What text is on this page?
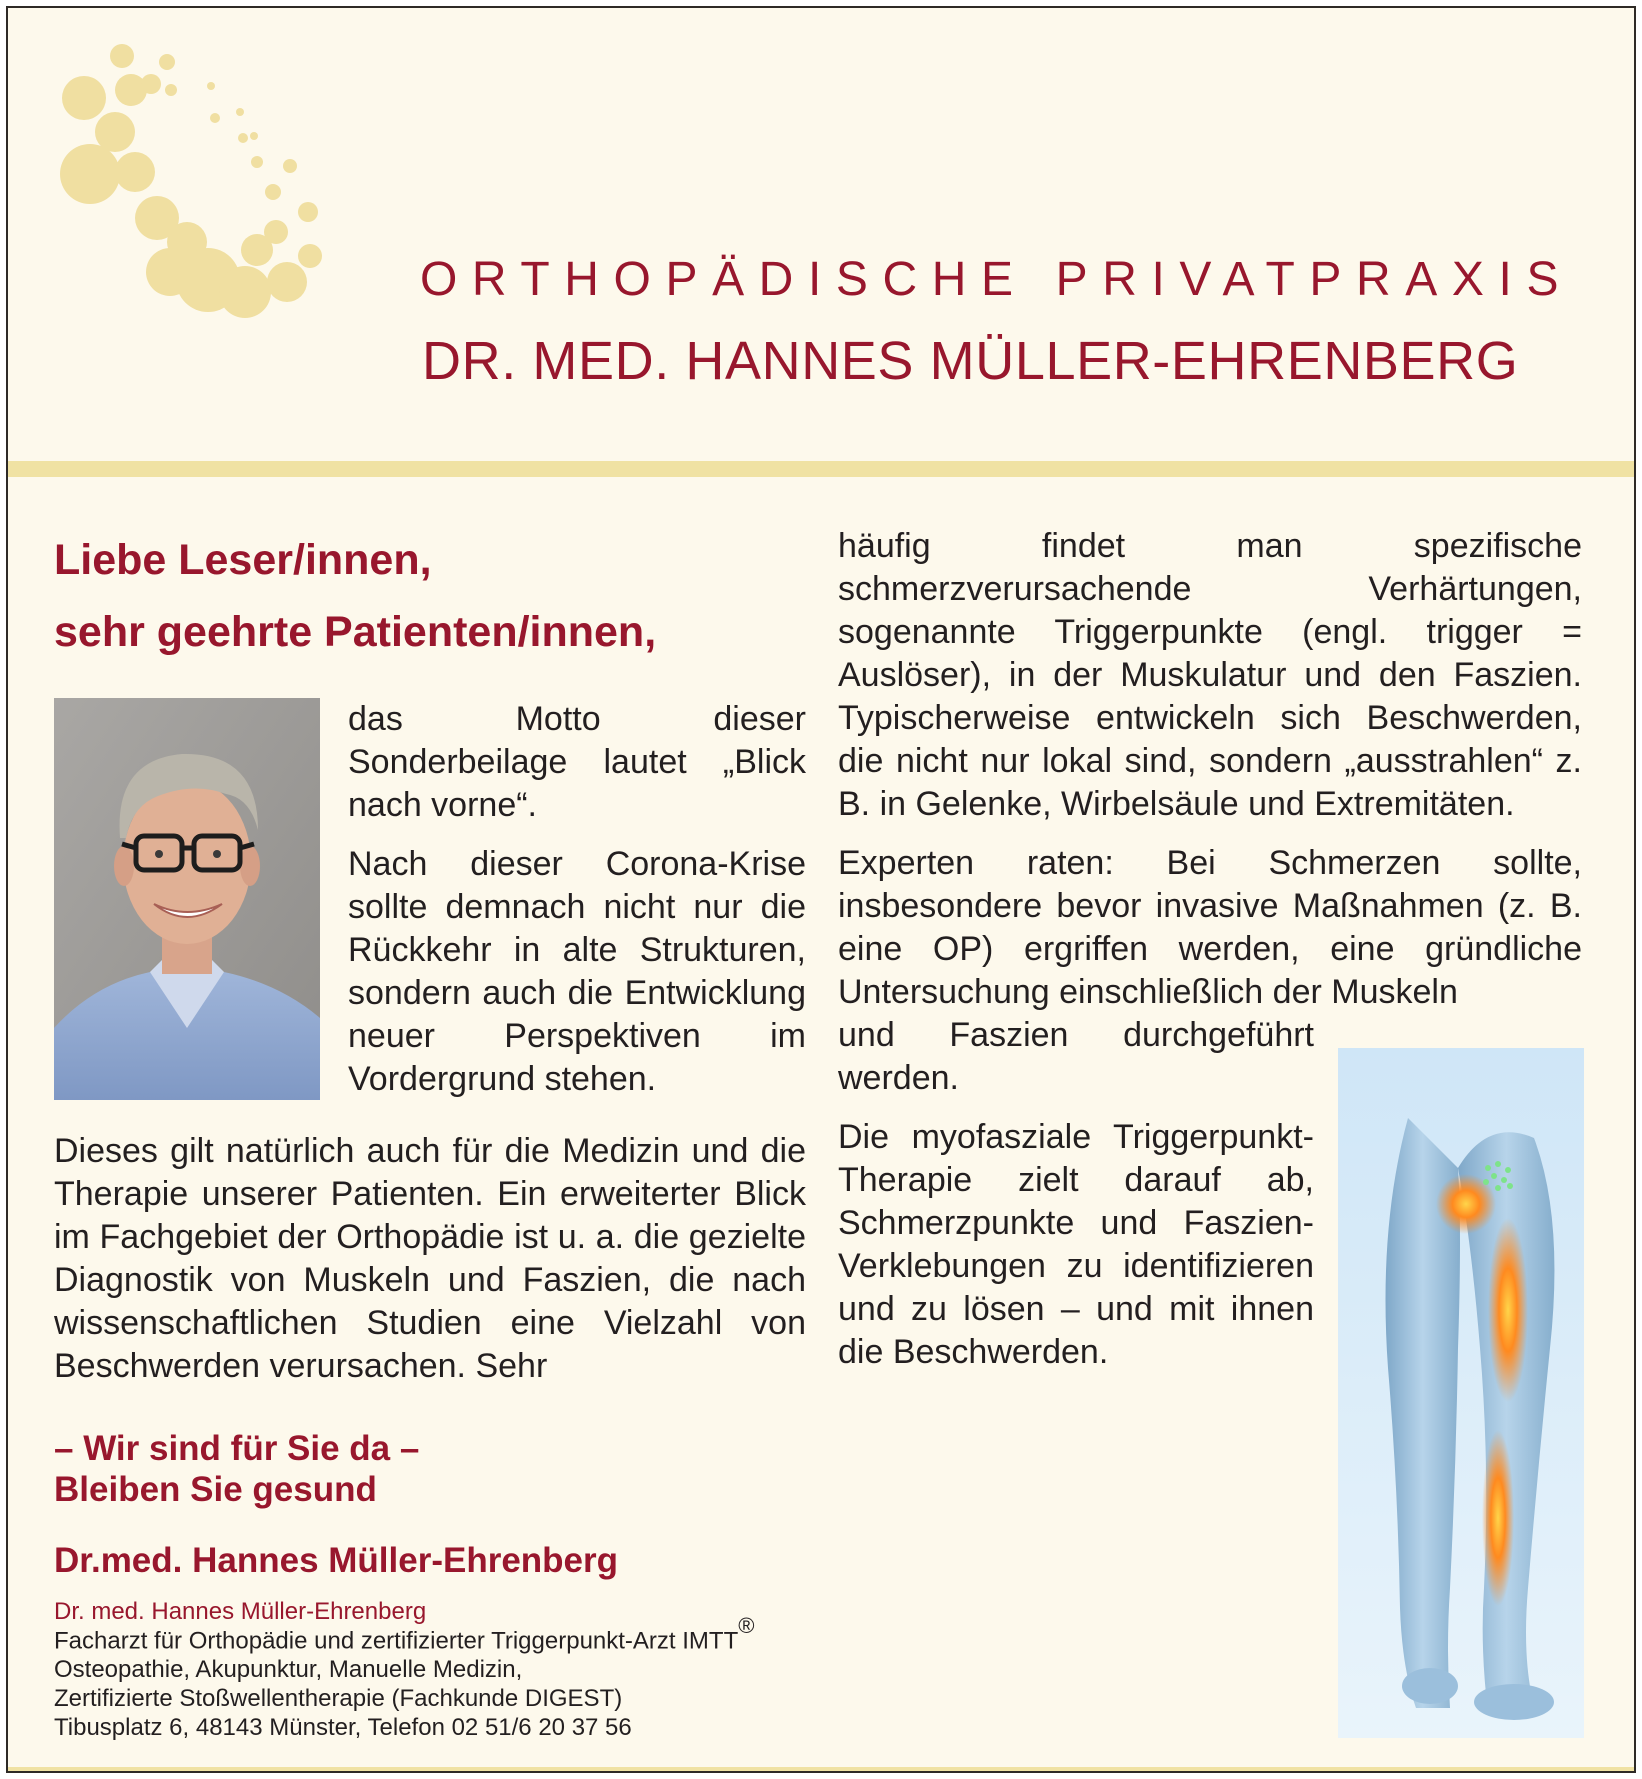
ORTHOPÄDISCHE PRIVATPRAXIS
DR. MED. HANNES MÜLLER-EHRENBERG
Liebe Leser/innen,
sehr geehrte Patienten/innen,

das Motto dieser Sonderbeilage lautet „Blick nach vorne“.

Nach dieser Corona-Krise sollte demnach nicht nur die Rückkehr in alte Strukturen, sondern auch die Entwicklung neuer Perspektiven im Vordergrund stehen.

Dieses gilt natürlich auch für die Medizin und die Therapie unserer Patienten. Ein erweiterter Blick im Fachgebiet der Orthopädie ist u. a. die gezielte Diagnostik von Muskeln und Faszien, die nach wissenschaftlichen Studien eine Vielzahl von Beschwerden verursachen. Sehr

häufig findet man spezifische schmerzverursachende Verhärtungen, sogenannte Triggerpunkte (engl. trigger = Auslöser), in der Muskulatur und den Faszien. Typischerweise entwickeln sich Beschwerden, die nicht nur lokal sind, sondern „ausstrahlen“ z. B. in Gelenke, Wirbelsäule und Extremitäten.

Experten raten: Bei Schmerzen sollte, insbesondere bevor invasive Maßnahmen (z. B. eine OP) ergriffen werden, eine gründliche Untersuchung einschließlich der Muskeln

und Faszien durchgeführt werden.

Die myofasziale Triggerpunkt-Therapie zielt darauf ab, Schmerzpunkte und Faszien-Verklebungen zu identifizieren und zu lösen – und mit ihnen die Beschwerden.

– Wir sind für Sie da –
Bleiben Sie gesund
Dr.med. Hannes Müller-Ehrenberg
Dr. med. Hannes Müller-Ehrenberg
Facharzt für Orthopädie und zertifizierter Triggerpunkt-Arzt IMTT®
Osteopathie, Akupunktur, Manuelle Medizin,
Zertifizierte Stoßwellentherapie (Fachkunde DIGEST)
Tibusplatz 6, 48143 Münster, Telefon 02 51/6 20 37 56
